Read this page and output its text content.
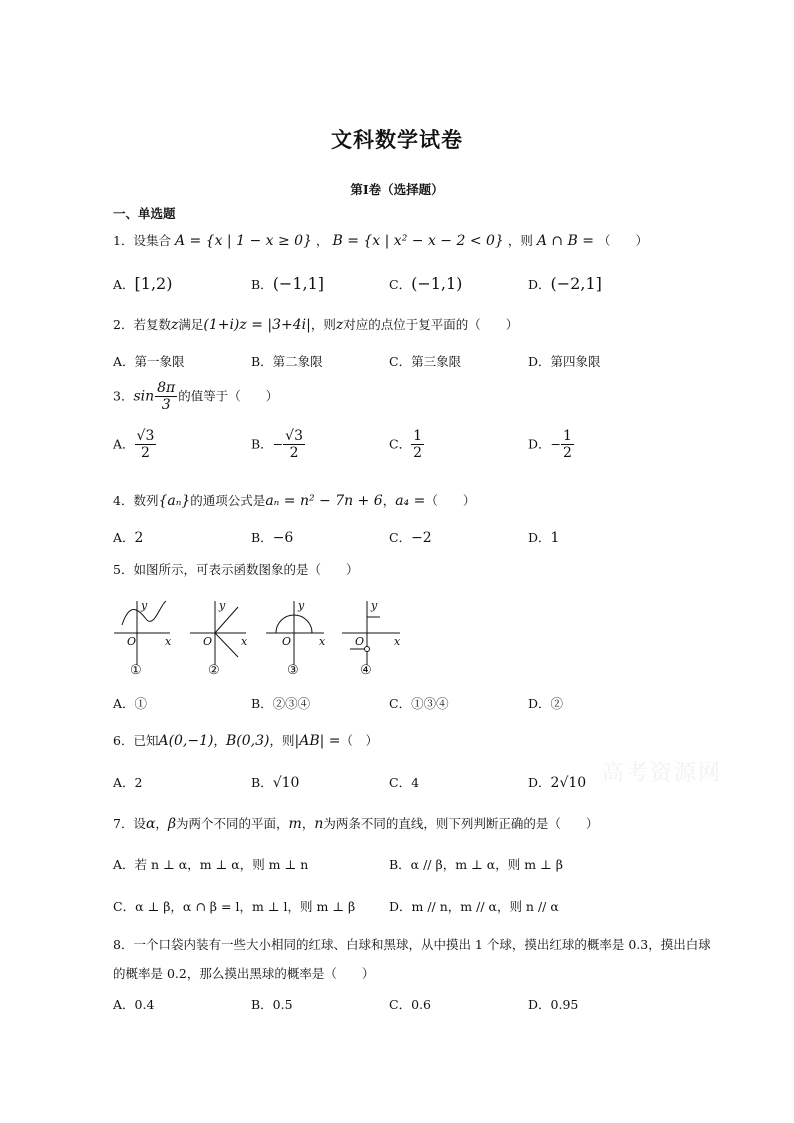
文科数学试卷
第Ⅰ卷（选择题）
一、单选题
1．设集合 A = {x | 1 − x ≥ 0} ， B = {x | x² − x − 2 < 0} ，则 A ∩ B = （　　）
A．[1,2)	B．(−1,1]	C．(−1,1)	D．(−2,1]
2．若复数z满足(1+i)z = |3+4i|，则z对应的点位于复平面的（　　）
A．第一象限	B．第二象限	C．第三象限	D．第四象限
3．$\sin \frac{8\pi}{3}$ 的值等于（　　）
A． $\frac{√3}{2}$	B．− $\frac{√3}{2}$	C． $\frac{1}{2}$	D．− $\frac{1}{2}$
4．数列{aₙ}的通项公式是aₙ = n² − 7n + 6，a₄ =（　　）
A．2	B．−6	C．−2	D．1
5．如图所示，可表示函数图象的是（　　）
O	x
y
①
O	x
y
②
O	x
y
③
O	x
y
④
A．①	B．②③④	C．①③④	D．②
6．已知A(0,−1)，B(0,3)，则|AB| =（　）
A．2	B．√10	C．4	D．2√10 高考资源网
7．设α，β为两个不同的平面，m，n为两条不同的直线，则下列判断正确的是（　　）
A．若 n ⊥ α，m ⊥ α，则 m ⊥ n	B．α // β，m ⊥ α，则 m ⊥ β
C．α ⊥ β，α ∩ β = l，m ⊥ l，则 m ⊥ β	D．m // n，m // α，则 n // α
8．一个口袋内装有一些大小相同的红球、白球和黑球，从中摸出 1 个球，摸出红球的概率是 0.3，摸出白球
的概率是 0.2，那么摸出黑球的概率是（　　）
A．0.4	B．0.5	C．0.6	D．0.95
